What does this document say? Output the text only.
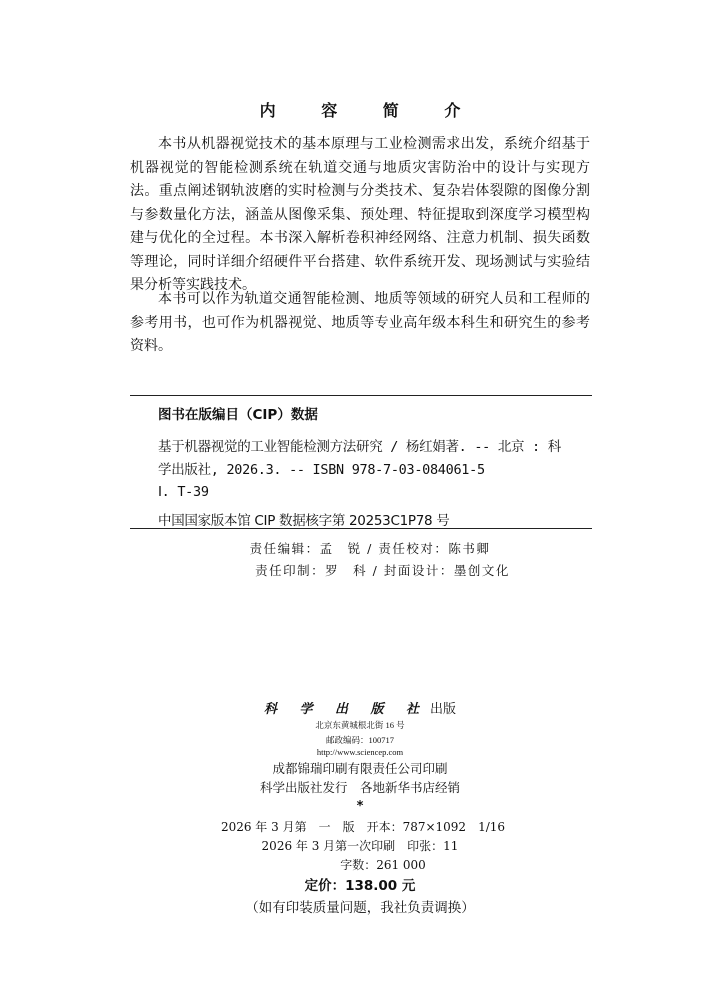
内 容 简 介

本书从机器视觉技术的基本原理与工业检测需求出发，系统介绍基于机器视觉的智能检测系统在轨道交通与地质灾害防治中的设计与实现方法。重点阐述钢轨波磨的实时检测与分类技术、复杂岩体裂隙的图像分割与参数量化方法，涵盖从图像采集、预处理、特征提取到深度学习模型构建与优化的全过程。本书深入解析卷积神经网络、注意力机制、损失函数等理论，同时详细介绍硬件平台搭建、软件系统开发、现场测试与实验结果分析等实践技术。

本书可以作为轨道交通智能检测、地质等领域的研究人员和工程师的参考用书，也可作为机器视觉、地质等专业高年级本科生和研究生的参考资料。

图书在版编目（CIP）数据
基于机器视觉的工业智能检测方法研究 / 杨红娟著. -- 北京 : 科
学出版社, 2026.3. -- ISBN 978-7-03-084061-5
Ⅰ. T-39
中国国家版本馆 CIP 数据核字第 20253C1P78 号
责任编辑：孟　锐 / 责任校对：陈书卿
责任印制：罗　科 / 封面设计：墨创文化
科 学 出 版 社 出版
北京东黄城根北街 16 号
邮政编码：100717
http://www.sciencep.com
成都锦瑞印刷有限责任公司印刷
科学出版社发行　各地新华书店经销
*
2026 年 3 月第　一　版　开本：787×1092　1/16
2026 年 3 月第一次印刷　印张：11
字数：261 000
定价：138.00 元
（如有印装质量问题，我社负责调换）
